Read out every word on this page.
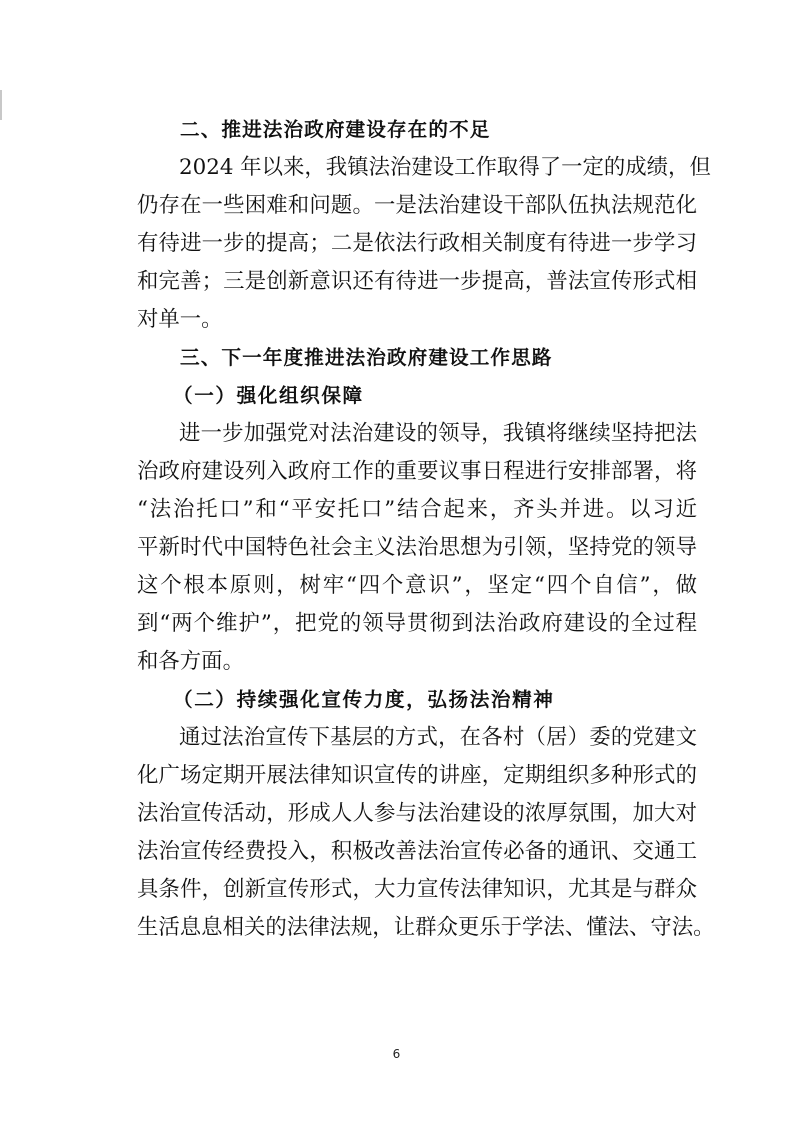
二、推进法治政府建设存在的不足
2024 年以来，我镇法治建设工作取得了一定的成绩，但
仍存在一些困难和问题。一是法治建设干部队伍执法规范化
有待进一步的提高；二是依法行政相关制度有待进一步学习
和完善；三是创新意识还有待进一步提高，普法宣传形式相
对单一。
三、下一年度推进法治政府建设工作思路
（一）强化组织保障
进一步加强党对法治建设的领导，我镇将继续坚持把法
治政府建设列入政府工作的重要议事日程进行安排部署，将
“法治托口”和“平安托口”结合起来，齐头并进。以习近
平新时代中国特色社会主义法治思想为引领，坚持党的领导
这个根本原则，树牢“四个意识”，坚定“四个自信”，做
到“两个维护”，把党的领导贯彻到法治政府建设的全过程
和各方面。
（二）持续强化宣传力度，弘扬法治精神
通过法治宣传下基层的方式，在各村（居）委的党建文
化广场定期开展法律知识宣传的讲座，定期组织多种形式的
法治宣传活动，形成人人参与法治建设的浓厚氛围，加大对
法治宣传经费投入，积极改善法治宣传必备的通讯、交通工
具条件，创新宣传形式，大力宣传法律知识，尤其是与群众
生活息息相关的法律法规，让群众更乐于学法、懂法、守法。
6
